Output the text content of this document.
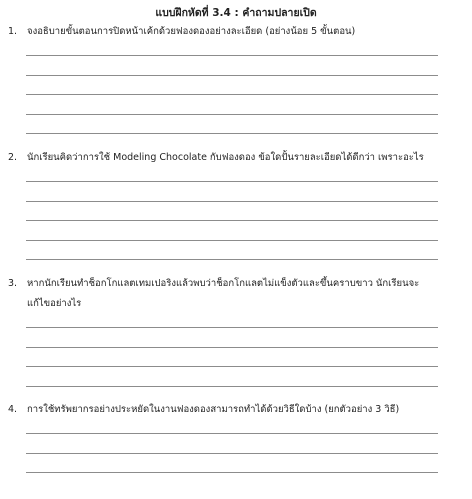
แบบฝึกหัดที่ 3.4 : คำถามปลายเปิด
1.	จงอธิบายขั้นตอนการปิดหน้าเค้กด้วยฟองดองอย่างละเอียด (อย่างน้อย 5 ขั้นตอน)
2.	นักเรียนคิดว่าการใช้ Modeling Chocolate กับฟองดอง ข้อใดปั้นรายละเอียดได้ดีกว่า เพราะอะไร
3.	หากนักเรียนทำช็อกโกแลตเทมเปอริงแล้วพบว่าช็อกโกแลตไม่แข็งตัวและขึ้นคราบขาว นักเรียนจะ
แก้ไขอย่างไร
4.	การใช้ทรัพยากรอย่างประหยัดในงานฟองดองสามารถทำได้ด้วยวิธีใดบ้าง (ยกตัวอย่าง 3 วิธี)
